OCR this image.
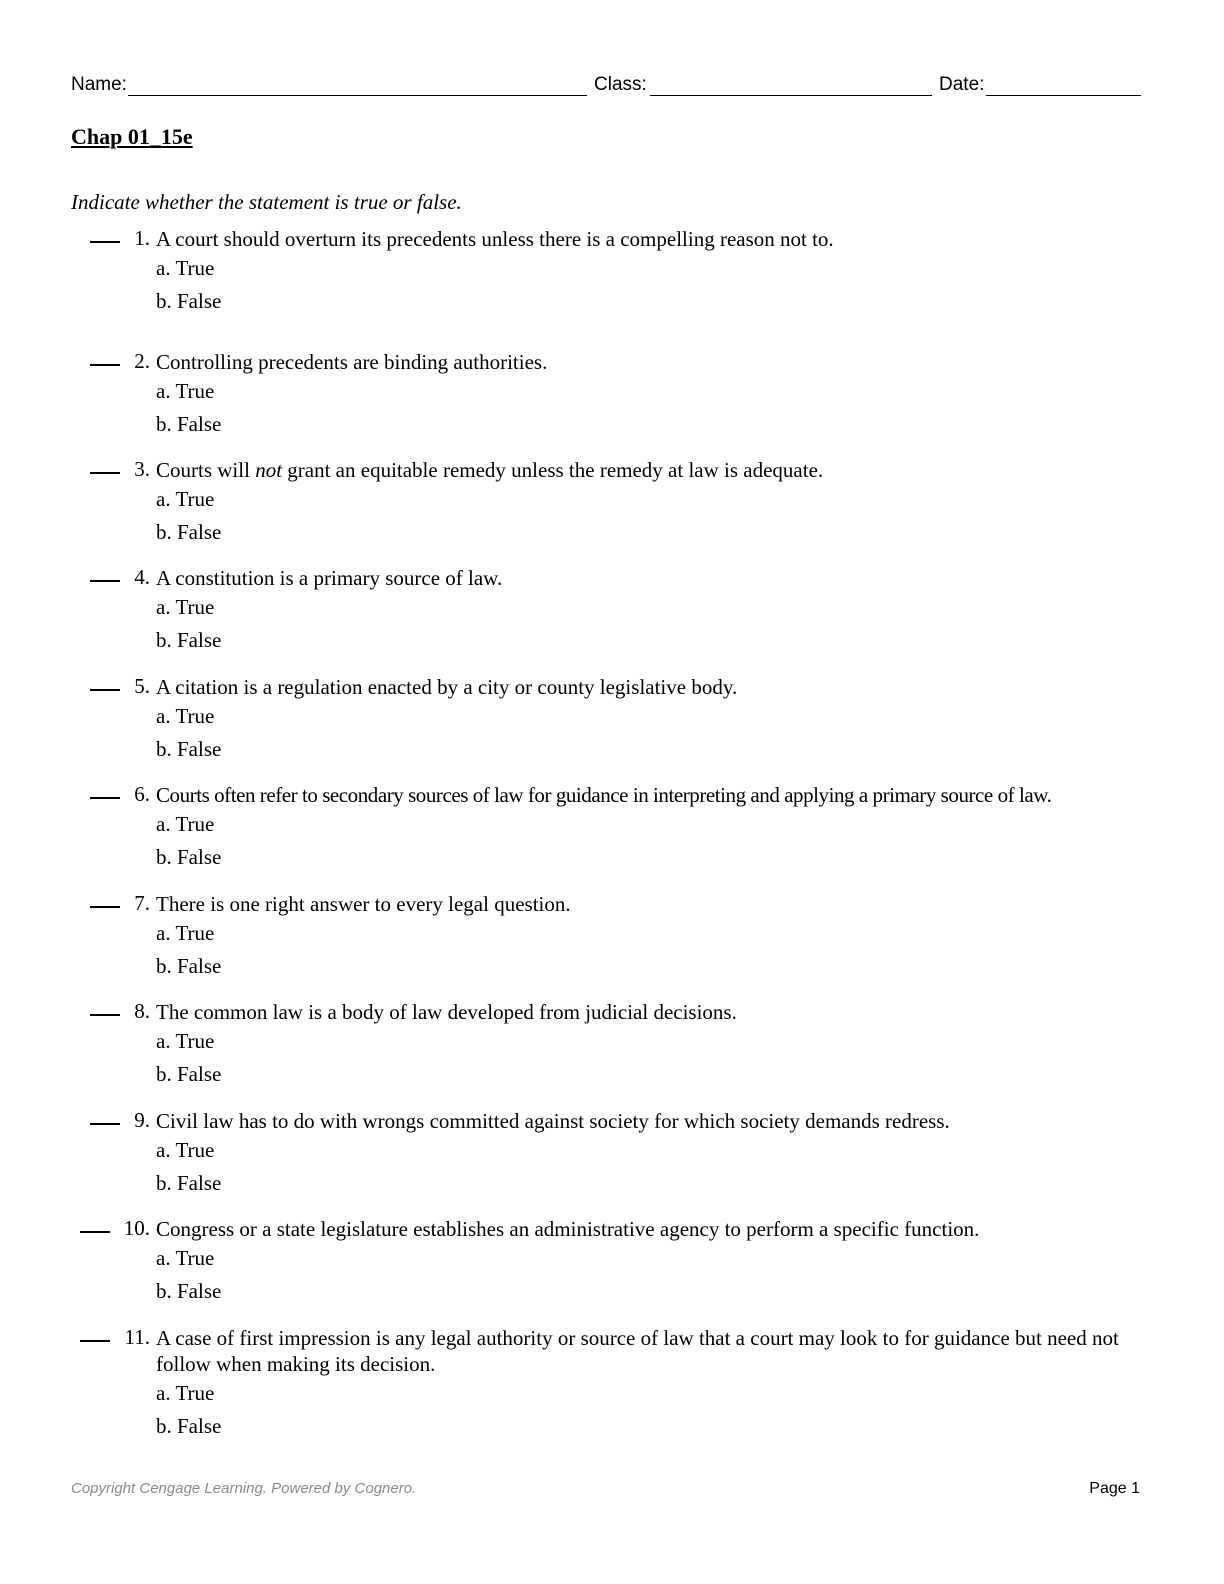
Name:	Class:	Date:
Chap 01_15e
Indicate whether the statement is true or false.
1. A court should overturn its precedents unless there is a compelling reason not to.
a. True
b. False
2. Controlling precedents are binding authorities.
a. True
b. False
3. Courts will not grant an equitable remedy unless the remedy at law is adequate.
a. True
b. False
4. A constitution is a primary source of law.
a. True
b. False
5. A citation is a regulation enacted by a city or county legislative body.
a. True
b. False
6. Courts often refer to secondary sources of law for guidance in interpreting and applying a primary source of law.
a. True
b. False
7. There is one right answer to every legal question.
a. True
b. False
8. The common law is a body of law developed from judicial decisions.
a. True
b. False
9. Civil law has to do with wrongs committed against society for which society demands redress.
a. True
b. False
10. Congress or a state legislature establishes an administrative agency to perform a specific function.
a. True
b. False
11. A case of first impression is any legal authority or source of law that a court may look to for guidance but need not follow when making its decision.
a. True
b. False
Copyright Cengage Learning. Powered by Cognero.	Page 1
